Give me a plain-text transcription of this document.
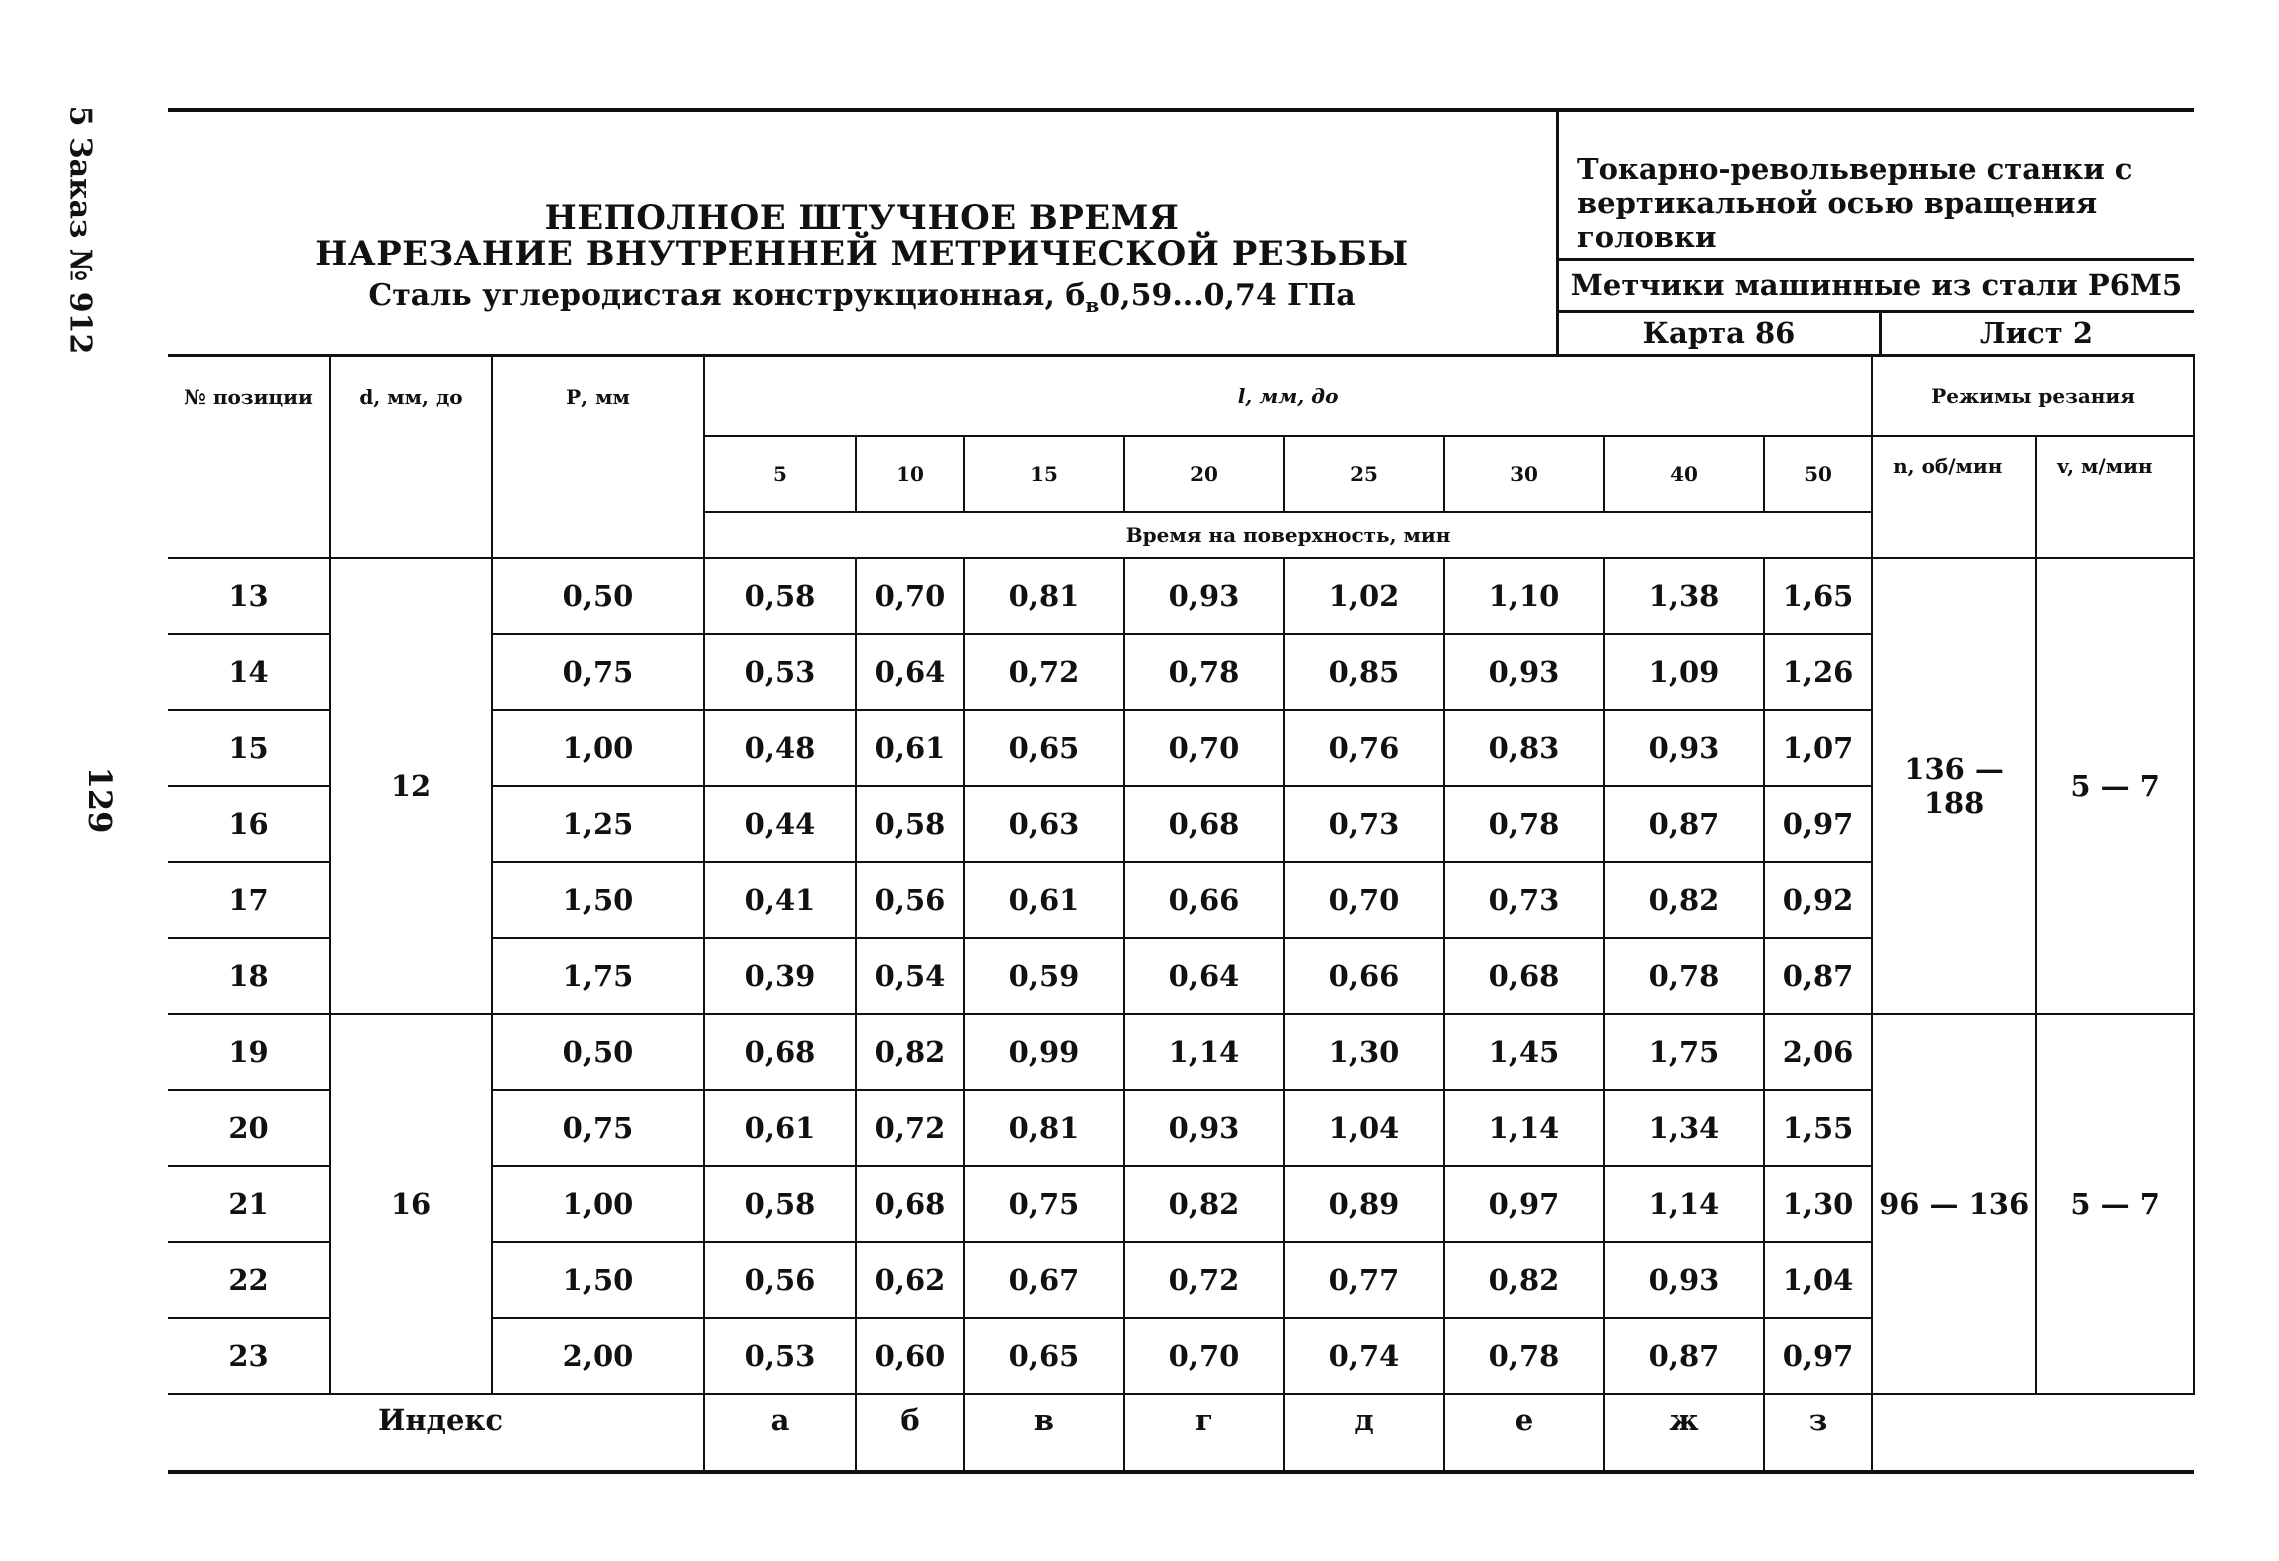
5 Заказ № 912
129
НЕПОЛНОЕ ШТУЧНОЕ ВРЕМЯ
НАРЕЗАНИЕ ВНУТРЕННЕЙ МЕТРИЧЕСКОЙ РЕЗЬБЫ
Сталь углеродистая конструкционная, $б_в0,59...0,74$ ГПа
Токарно-револьверные станки с вертикальной осью вращения головки
Метчики машинные из стали Р6М5
Карта 86	Лист 2
№ позиции	d, мм, до	Р, мм	l, мм, до								Режимы резания	
			5	10	15	20	25	30	40	50	n, об/мин	v, м/мин
			Время на поверхность, мин									
13	12	0,50	0,58	0,70	0,81	0,93	1,02	1,10	1,38	1,65	136 — 188	5 — 7
14		0,75	0,53	0,64	0,72	0,78	0,85	0,93	1,09	1,26		
15		1,00	0,48	0,61	0,65	0,70	0,76	0,83	0,93	1,07		
16		1,25	0,44	0,58	0,63	0,68	0,73	0,78	0,87	0,97		
17		1,50	0,41	0,56	0,61	0,66	0,70	0,73	0,82	0,92		
18		1,75	0,39	0,54	0,59	0,64	0,66	0,68	0,78	0,87		
19	16	0,50	0,68	0,82	0,99	1,14	1,30	1,45	1,75	2,06	96 — 136	5 — 7
20		0,75	0,61	0,72	0,81	0,93	1,04	1,14	1,34	1,55		
21		1,00	0,58	0,68	0,75	0,82	0,89	0,97	1,14	1,30		
22		1,50	0,56	0,62	0,67	0,72	0,77	0,82	0,93	1,04		
23		2,00	0,53	0,60	0,65	0,70	0,74	0,78	0,87	0,97		
Индекс			а	б	в	г	д	е	ж	з		
